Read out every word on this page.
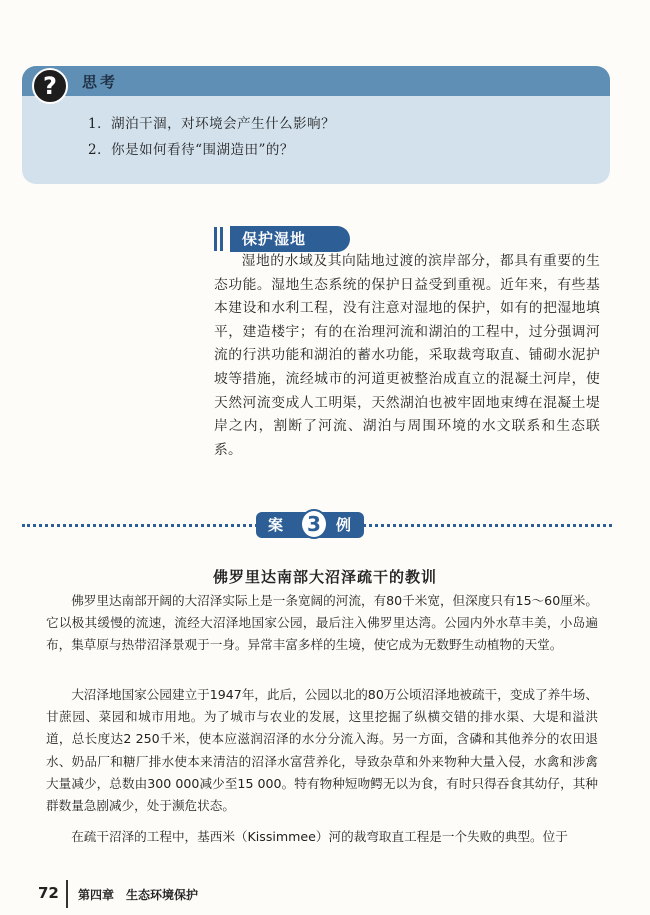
?	思考
1．湖泊干涸，对环境会产生什么影响？
2．你是如何看待“围湖造田”的？
保护湿地
湿地的水域及其向陆地过渡的滨岸部分，都具有重要的生态功能。湿地生态系统的保护日益受到重视。近年来，有些基本建设和水利工程，没有注意对湿地的保护，如有的把湿地填平，建造楼宇；有的在治理河流和湖泊的工程中，过分强调河流的行洪功能和湖泊的蓄水功能，采取裁弯取直、铺砌水泥护坡等措施，流经城市的河道更被整治成直立的混凝土河岸，使天然河流变成人工明渠，天然湖泊也被牢固地束缚在混凝土堤岸之内，割断了河流、湖泊与周围环境的水文联系和生态联系。
案	3	例
佛罗里达南部大沼泽疏干的教训
佛罗里达南部开阔的大沼泽实际上是一条宽阔的河流，有80千米宽，但深度只有15～60厘米。它以极其缓慢的流速，流经大沼泽地国家公园，最后注入佛罗里达湾。公园内外水草丰美，小岛遍布，集草原与热带沼泽景观于一身。异常丰富多样的生境，使它成为无数野生动植物的天堂。
大沼泽地国家公园建立于1947年，此后，公园以北的80万公顷沼泽地被疏干，变成了养牛场、甘蔗园、菜园和城市用地。为了城市与农业的发展，这里挖掘了纵横交错的排水渠、大堤和溢洪道，总长度达2 250千米，使本应滋润沼泽的水分分流入海。另一方面，含磷和其他养分的农田退水、奶品厂和糖厂排水使本来清洁的沼泽水富营养化，导致杂草和外来物种大量入侵，水禽和涉禽大量减少，总数由300 000减少至15 000。特有物种短吻鳄无以为食，有时只得吞食其幼仔，其种群数量急剧减少，处于濒危状态。
在疏干沼泽的工程中，基西米（Kissimmee）河的裁弯取直工程是一个失败的典型。位于
72 第四章　生态环境保护
